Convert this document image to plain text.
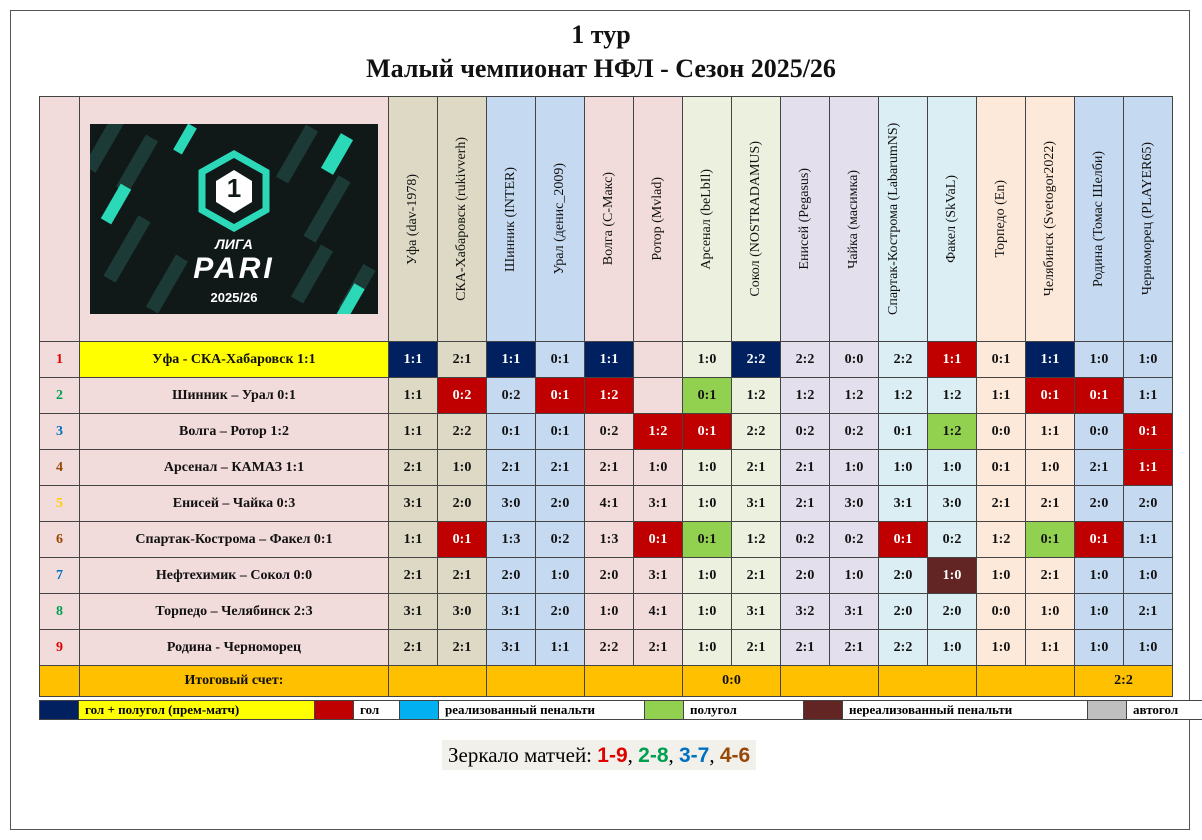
1 тур
Малый чемпионат НФЛ - Сезон 2025/26

	1
ЛИГА
PARI
2025/26	Уфа (dav-1978)	СКА-Хабаровск (rukivverh)	Шинник (INTER)	Урал (денис_2009)	Волга (С-Макс)	Ротор (Mvlad)	Арсенал (beLbIl)	Сокол (NOSTRADAMUS)	Енисей (Pegasus)	Чайка (масимка)	Спартак-Кострома (LabarumNS)	Факел (SkVaL)	Торпедо (En)	Челябинск (Svetogor2022)	Родина (Томас Шелби)	Черноморец (PLAYER65)

1	Уфа - СКА-Хабаровск 1:1	1:1	2:1	1:1	0:1	1:1		1:0	2:2	2:2	0:0	2:2	1:1	0:1	1:1	1:0	1:0
2	Шинник – Урал 0:1	1:1	0:2	0:2	0:1	1:2		0:1	1:2	1:2	1:2	1:2	1:2	1:1	0:1	0:1	1:1
3	Волга – Ротор 1:2	1:1	2:2	0:1	0:1	0:2	1:2	0:1	2:2	0:2	0:2	0:1	1:2	0:0	1:1	0:0	0:1
4	Арсенал – КАМАЗ 1:1	2:1	1:0	2:1	2:1	2:1	1:0	1:0	2:1	2:1	1:0	1:0	1:0	0:1	1:0	2:1	1:1
5	Енисей – Чайка 0:3	3:1	2:0	3:0	2:0	4:1	3:1	1:0	3:1	2:1	3:0	3:1	3:0	2:1	2:1	2:0	2:0
6	Спартак-Кострома – Факел 0:1	1:1	0:1	1:3	0:2	1:3	0:1	0:1	1:2	0:2	0:2	0:1	0:2	1:2	0:1	0:1	1:1
7	Нефтехимик – Сокол 0:0	2:1	2:1	2:0	1:0	2:0	3:1	1:0	2:1	2:0	1:0	2:0	1:0	1:0	2:1	1:0	1:0
8	Торпедо – Челябинск 2:3	3:1	3:0	3:1	2:0	1:0	4:1	1:0	3:1	3:2	3:1	2:0	2:0	0:0	1:0	1:0	2:1
9	Родина - Черноморец	2:1	2:1	3:1	1:1	2:2	2:1	1:0	2:1	2:1	2:1	2:2	1:0	1:0	1:1	1:0	1:0
	Итоговый счет:							0:0								2:2	
гол + полугол (прем-матч)	гол	реализованный пенальти	полугол	нереализованный пенальти	автогол
Зеркало матчей: 1-9, 2-8, 3-7, 4-6
